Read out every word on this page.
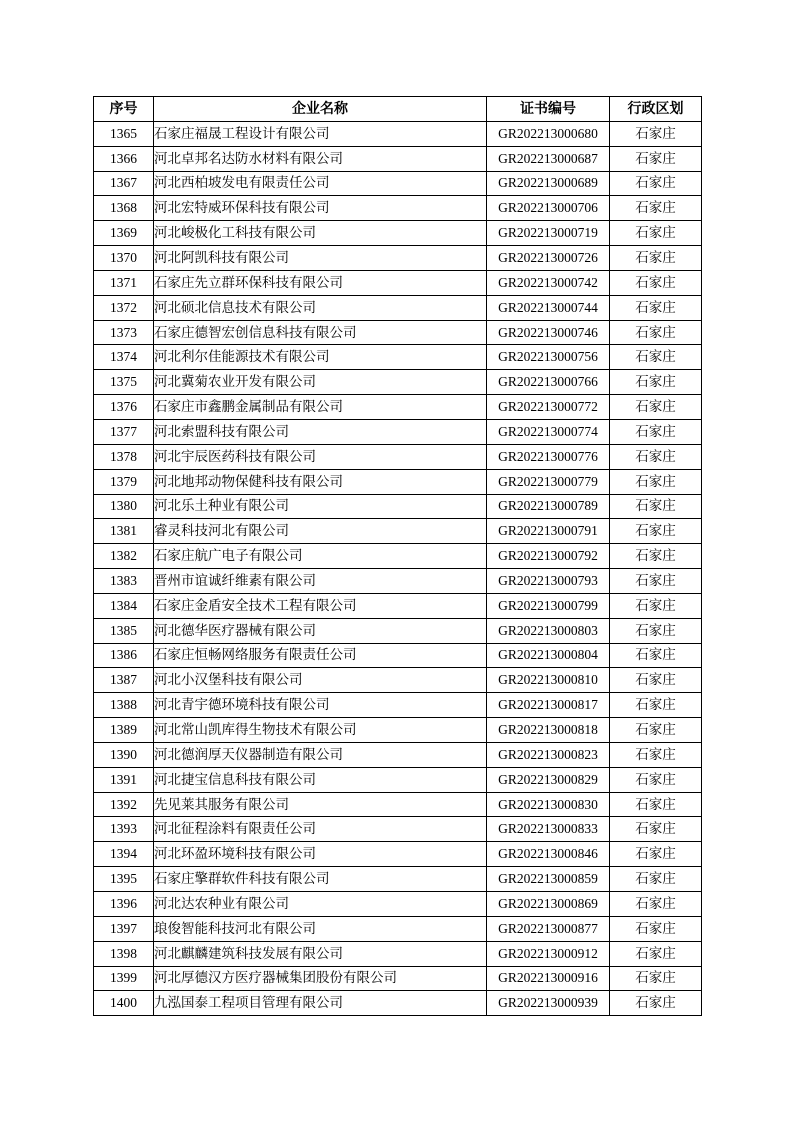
序号	企业名称	证书编号	行政区划
1365	石家庄福晟工程设计有限公司	GR202213000680	石家庄
1366	河北卓邦名达防水材料有限公司	GR202213000687	石家庄
1367	河北西柏坡发电有限责任公司	GR202213000689	石家庄
1368	河北宏特威环保科技有限公司	GR202213000706	石家庄
1369	河北峻极化工科技有限公司	GR202213000719	石家庄
1370	河北阿凯科技有限公司	GR202213000726	石家庄
1371	石家庄先立群环保科技有限公司	GR202213000742	石家庄
1372	河北硕北信息技术有限公司	GR202213000744	石家庄
1373	石家庄德智宏创信息科技有限公司	GR202213000746	石家庄
1374	河北利尔佳能源技术有限公司	GR202213000756	石家庄
1375	河北冀菊农业开发有限公司	GR202213000766	石家庄
1376	石家庄市鑫鹏金属制品有限公司	GR202213000772	石家庄
1377	河北索盟科技有限公司	GR202213000774	石家庄
1378	河北宇辰医药科技有限公司	GR202213000776	石家庄
1379	河北地邦动物保健科技有限公司	GR202213000779	石家庄
1380	河北乐土种业有限公司	GR202213000789	石家庄
1381	睿灵科技河北有限公司	GR202213000791	石家庄
1382	石家庄航广电子有限公司	GR202213000792	石家庄
1383	晋州市谊诚纤维素有限公司	GR202213000793	石家庄
1384	石家庄金盾安全技术工程有限公司	GR202213000799	石家庄
1385	河北德华医疗器械有限公司	GR202213000803	石家庄
1386	石家庄恒畅网络服务有限责任公司	GR202213000804	石家庄
1387	河北小汉堡科技有限公司	GR202213000810	石家庄
1388	河北青宇德环境科技有限公司	GR202213000817	石家庄
1389	河北常山凯库得生物技术有限公司	GR202213000818	石家庄
1390	河北德润厚天仪器制造有限公司	GR202213000823	石家庄
1391	河北捷宝信息科技有限公司	GR202213000829	石家庄
1392	先见莱其服务有限公司	GR202213000830	石家庄
1393	河北征程涂料有限责任公司	GR202213000833	石家庄
1394	河北环盈环境科技有限公司	GR202213000846	石家庄
1395	石家庄擎群软件科技有限公司	GR202213000859	石家庄
1396	河北达农种业有限公司	GR202213000869	石家庄
1397	琅俊智能科技河北有限公司	GR202213000877	石家庄
1398	河北麒麟建筑科技发展有限公司	GR202213000912	石家庄
1399	河北厚德汉方医疗器械集团股份有限公司	GR202213000916	石家庄
1400	九泓国泰工程项目管理有限公司	GR202213000939	石家庄
